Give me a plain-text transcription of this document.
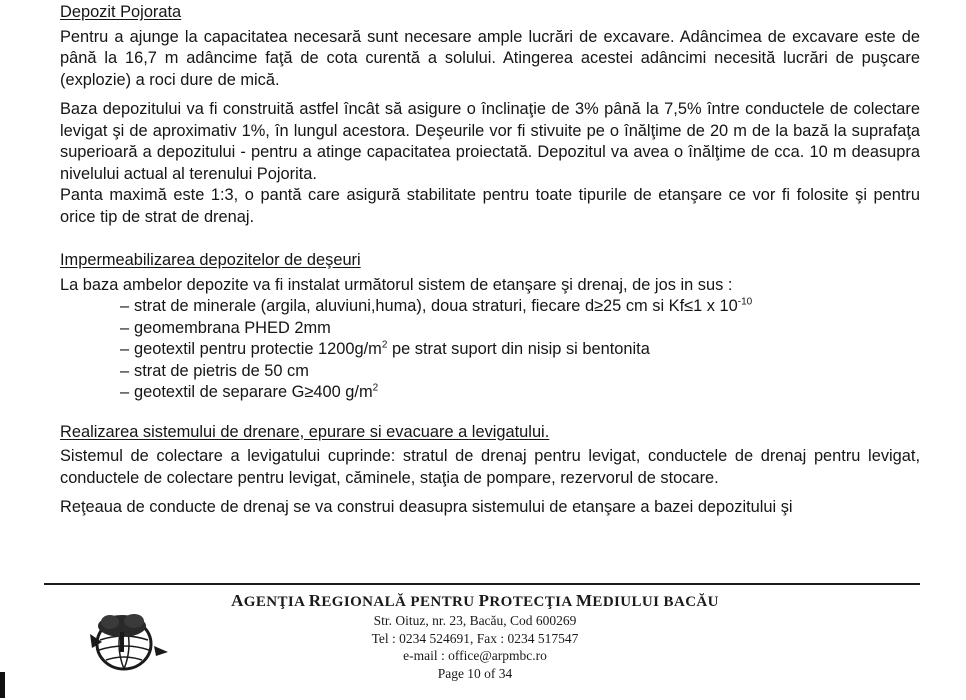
Depozit Pojorata

Pentru a ajunge la capacitatea necesară sunt necesare ample lucrări de excavare. Adâncimea de excavare este de până la 16,7 m adâncime faţă de cota curentă a solului. Atingerea acestei adâncimi necesită lucrări de puşcare (explozie) a roci dure de mică.

Baza depozitului va fi construită astfel încât să asigure o înclinaţie de 3% până la 7,5% între conductele de colectare levigat şi de aproximativ 1%, în lungul acestora. Deşeurile vor fi stivuite pe o înălţime de 20 m de la bază la suprafaţa superioară a depozitului - pentru a atinge capacitatea proiectată. Depozitul va avea o înălţime de cca. 10 m deasupra nivelului actual al terenului Pojorita.

Panta maximă este 1:3, o pantă care asigură stabilitate pentru toate tipurile de etanşare ce vor fi folosite şi pentru orice tip de strat de drenaj.

Impermeabilizarea depozitelor de deşeuri

La baza ambelor depozite va fi instalat următorul sistem de etanşare şi drenaj, de jos in sus :

– strat de minerale (argila, aluviuni,huma), doua straturi, fiecare d≥25 cm si Kf≤1 x $10^{-10}$
– geomembrana PHED 2mm
– geotextil pentru protectie $1200g/m^2$ pe strat suport din nisip si bentonita
– strat de pietris de 50 cm
– geotextil de separare G≥400 $g/m^2$
Realizarea sistemului de drenare, epurare si evacuare a levigatului.

Sistemul de colectare a levigatului cuprinde: stratul de drenaj pentru levigat, conductele de drenaj pentru levigat, conductele de colectare pentru levigat, căminele, staţia de pompare, rezervorul de stocare.

Reţeaua de conducte de drenaj se va construi deasupra sistemului de etanşare a bazei depozitului şi

AGENŢIA REGIONALĂ PENTRU PROTECŢIA MEDIULUI BACĂU
Str. Oituz, nr. 23, Bacău, Cod 600269
Tel : 0234 524691, Fax : 0234 517547
e-mail : office@arpmbc.ro
Page 10 of 34
